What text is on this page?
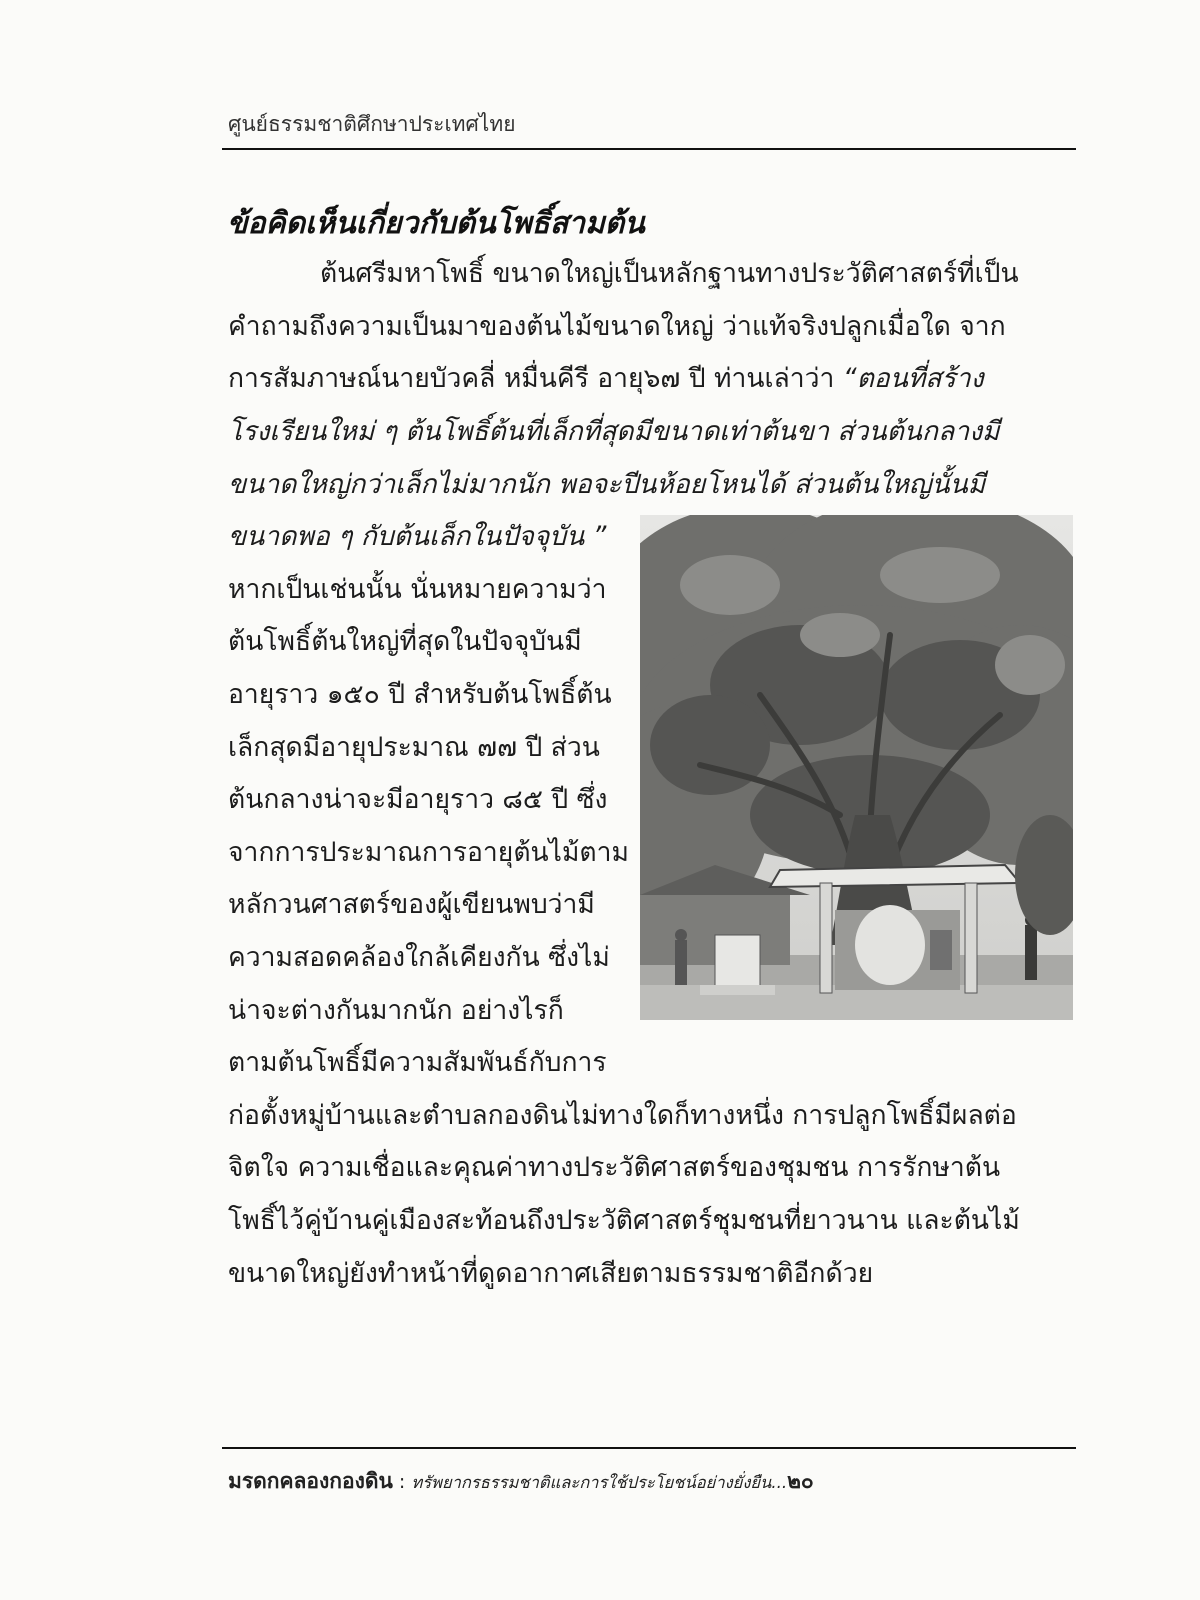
ศูนย์ธรรมชาติศึกษาประเทศไทย
ข้อคิดเห็นเกี่ยวกับต้นโพธิ์สามต้น
ต้นศรีมหาโพธิ์ ขนาดใหญ่เป็นหลักฐานทางประวัติศาสตร์ที่เป็น
คำถามถึงความเป็นมาของต้นไม้ขนาดใหญ่ ว่าแท้จริงปลูกเมื่อใด จาก
การสัมภาษณ์นายบัวคลี่ หมื่นคีรี อายุ๖๗ ปี ท่านเล่าว่า “ตอนที่สร้าง
โรงเรียนใหม่ ๆ ต้นโพธิ์ต้นที่เล็กที่สุดมีขนาดเท่าต้นขา ส่วนต้นกลางมี
ขนาดใหญ่กว่าเล็กไม่มากนัก พอจะปีนห้อยโหนได้ ส่วนต้นใหญ่นั้นมี
ขนาดพอ ๆ กับต้นเล็กในปัจจุบัน ”
หากเป็นเช่นนั้น นั่นหมายความว่า
ต้นโพธิ์ต้นใหญ่ที่สุดในปัจจุบันมี
อายุราว ๑๕๐ ปี สำหรับต้นโพธิ์ต้น
เล็กสุดมีอายุประมาณ ๗๗ ปี ส่วน
ต้นกลางน่าจะมีอายุราว ๘๕ ปี ซึ่ง
จากการประมาณการอายุต้นไม้ตาม
หลักวนศาสตร์ของผู้เขียนพบว่ามี
ความสอดคล้องใกล้เคียงกัน ซึ่งไม่
น่าจะต่างกันมากนัก อย่างไรก็
ตามต้นโพธิ์มีความสัมพันธ์กับการ
ก่อตั้งหมู่บ้านและตำบลกองดินไม่ทางใดก็ทางหนึ่ง การปลูกโพธิ์มีผลต่อ
จิตใจ ความเชื่อและคุณค่าทางประวัติศาสตร์ของชุมชน การรักษาต้น
โพธิ์ไว้คู่บ้านคู่เมืองสะท้อนถึงประวัติศาสตร์ชุมชนที่ยาวนาน และต้นไม้
ขนาดใหญ่ยังทำหน้าที่ดูดอากาศเสียตามธรรมชาติอีกด้วย
มรดกคลองกองดิน : ทรัพยากรธรรมชาติและการใช้ประโยชน์อย่างยั่งยืน...๒๐
